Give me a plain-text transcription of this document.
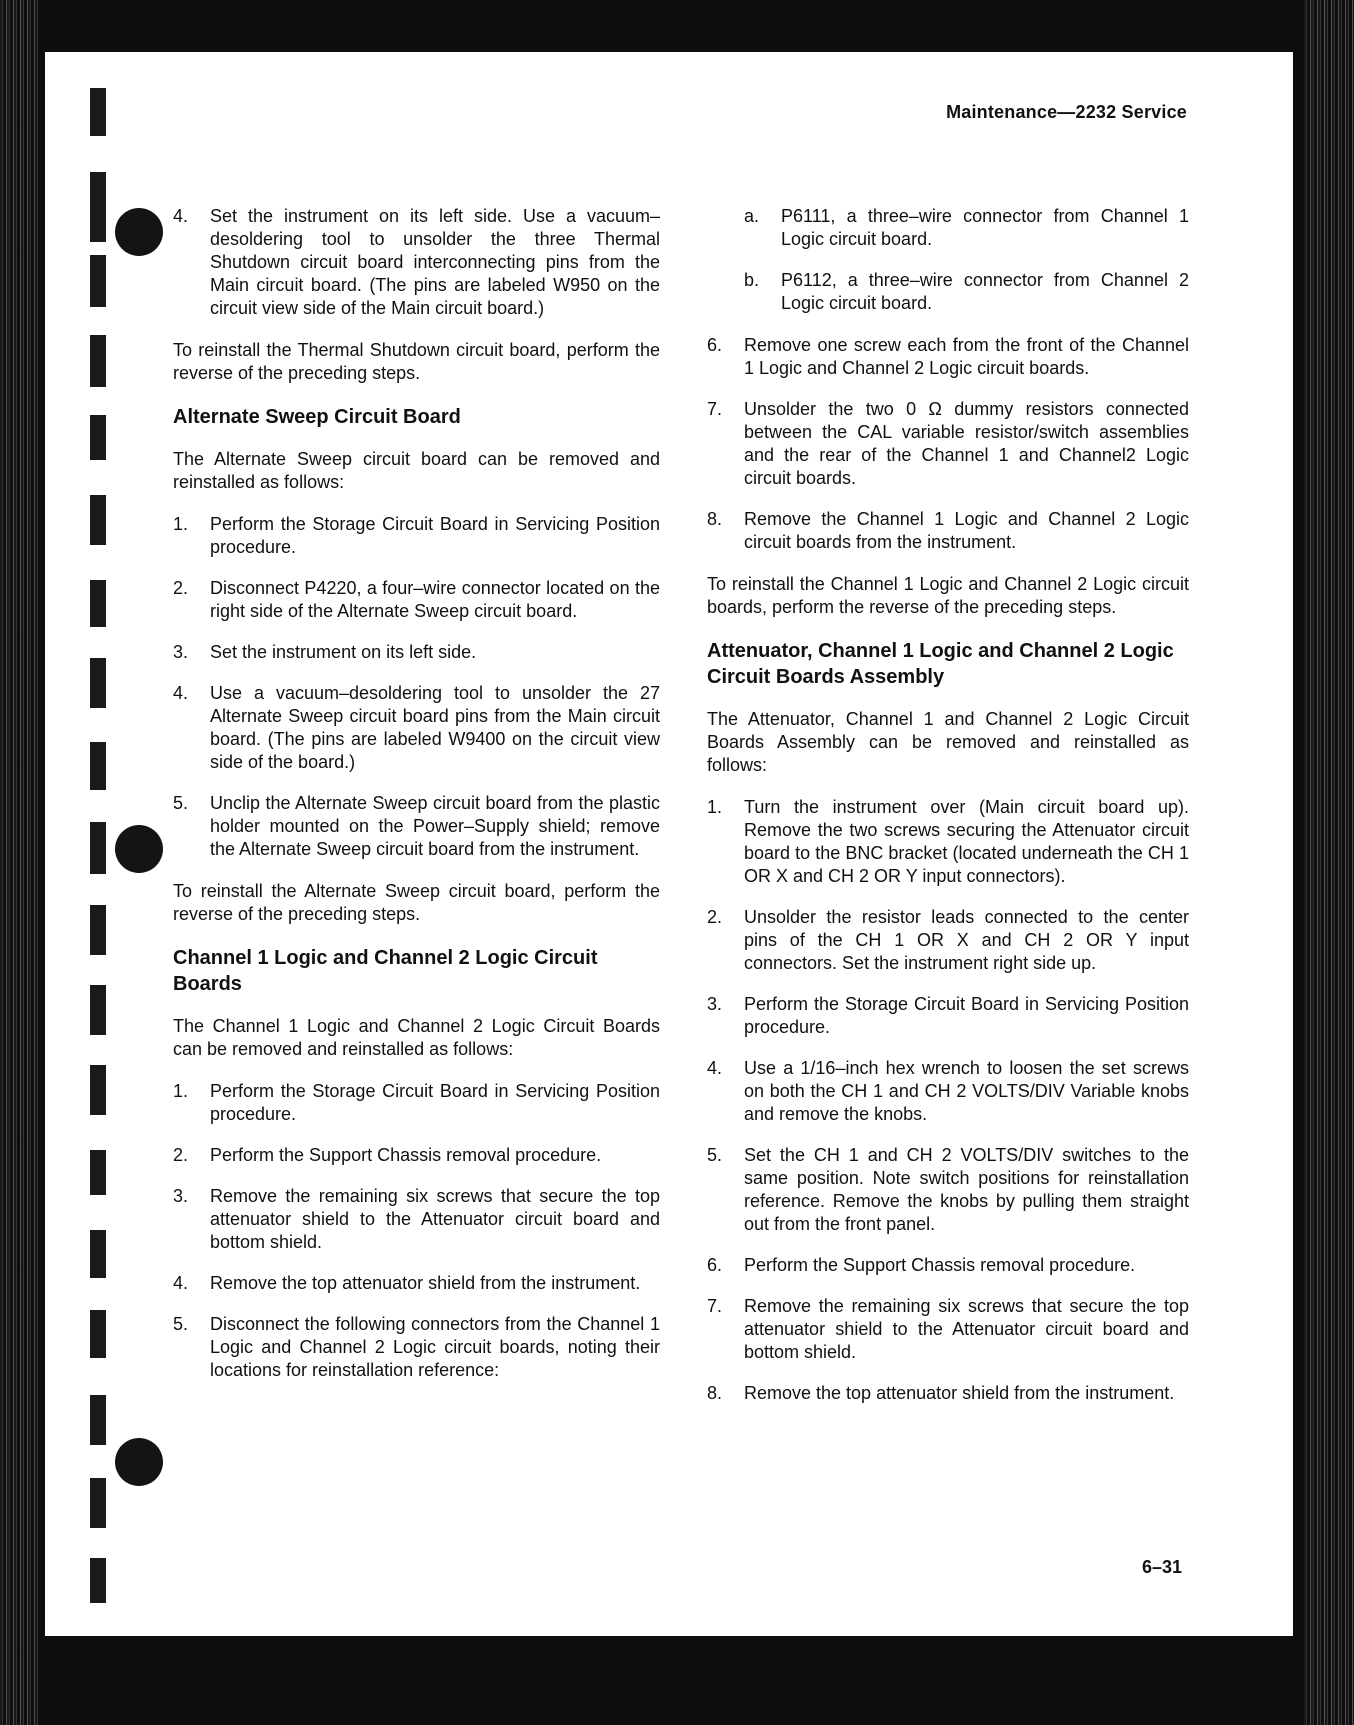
Maintenance—2232 Service
4. Set the instrument on its left side. Use a vacuum–desoldering tool to unsolder the three Thermal Shutdown circuit board interconnecting pins from the Main circuit board. (The pins are labeled W950 on the circuit view side of the Main circuit board.)

To reinstall the Thermal Shutdown circuit board, perform the reverse of the preceding steps.

Alternate Sweep Circuit Board

The Alternate Sweep circuit board can be removed and reinstalled as follows:

1. Perform the Storage Circuit Board in Servicing Position procedure.
2. Disconnect P4220, a four–wire connector located on the right side of the Alternate Sweep circuit board.
3. Set the instrument on its left side.
4. Use a vacuum–desoldering tool to unsolder the 27 Alternate Sweep circuit board pins from the Main circuit board. (The pins are labeled W9400 on the circuit view side of the board.)
5. Unclip the Alternate Sweep circuit board from the plastic holder mounted on the Power–Supply shield; remove the Alternate Sweep circuit board from the instrument.

To reinstall the Alternate Sweep circuit board, perform the reverse of the preceding steps.

Channel 1 Logic and Channel 2 Logic Circuit Boards

The Channel 1 Logic and Channel 2 Logic Circuit Boards can be removed and reinstalled as follows:

1. Perform the Storage Circuit Board in Servicing Position procedure.
2. Perform the Support Chassis removal procedure.
3. Remove the remaining six screws that secure the top attenuator shield to the Attenuator circuit board and bottom shield.
4. Remove the top attenuator shield from the instrument.
5. Disconnect the following connectors from the Channel 1 Logic and Channel 2 Logic circuit boards, noting their locations for reinstallation reference:
a. P6111, a three–wire connector from Channel 1 Logic circuit board.
b. P6112, a three–wire connector from Channel 2 Logic circuit board.
6. Remove one screw each from the front of the Channel 1 Logic and Channel 2 Logic circuit boards.
7. Unsolder the two 0 Ω dummy resistors connected between the CAL variable resistor/switch assemblies and the rear of the Channel 1 and Channel2 Logic circuit boards.
8. Remove the Channel 1 Logic and Channel 2 Logic circuit boards from the instrument.

To reinstall the Channel 1 Logic and Channel 2 Logic circuit boards, perform the reverse of the preceding steps.

Attenuator, Channel 1 Logic and Channel 2 Logic Circuit Boards Assembly

The Attenuator, Channel 1 and Channel 2 Logic Circuit Boards Assembly can be removed and reinstalled as follows:

1. Turn the instrument over (Main circuit board up). Remove the two screws securing the Attenuator circuit board to the BNC bracket (located underneath the CH 1 OR X and CH 2 OR Y input connectors).
2. Unsolder the resistor leads connected to the center pins of the CH 1 OR X and CH 2 OR Y input connectors. Set the instrument right side up.
3. Perform the Storage Circuit Board in Servicing Position procedure.
4. Use a 1/16–inch hex wrench to loosen the set screws on both the CH 1 and CH 2 VOLTS/DIV Variable knobs and remove the knobs.
5. Set the CH 1 and CH 2 VOLTS/DIV switches to the same position. Note switch positions for reinstallation reference. Remove the knobs by pulling them straight out from the front panel.
6. Perform the Support Chassis removal procedure.
7. Remove the remaining six screws that secure the top attenuator shield to the Attenuator circuit board and bottom shield.
8. Remove the top attenuator shield from the instrument.
6–31
